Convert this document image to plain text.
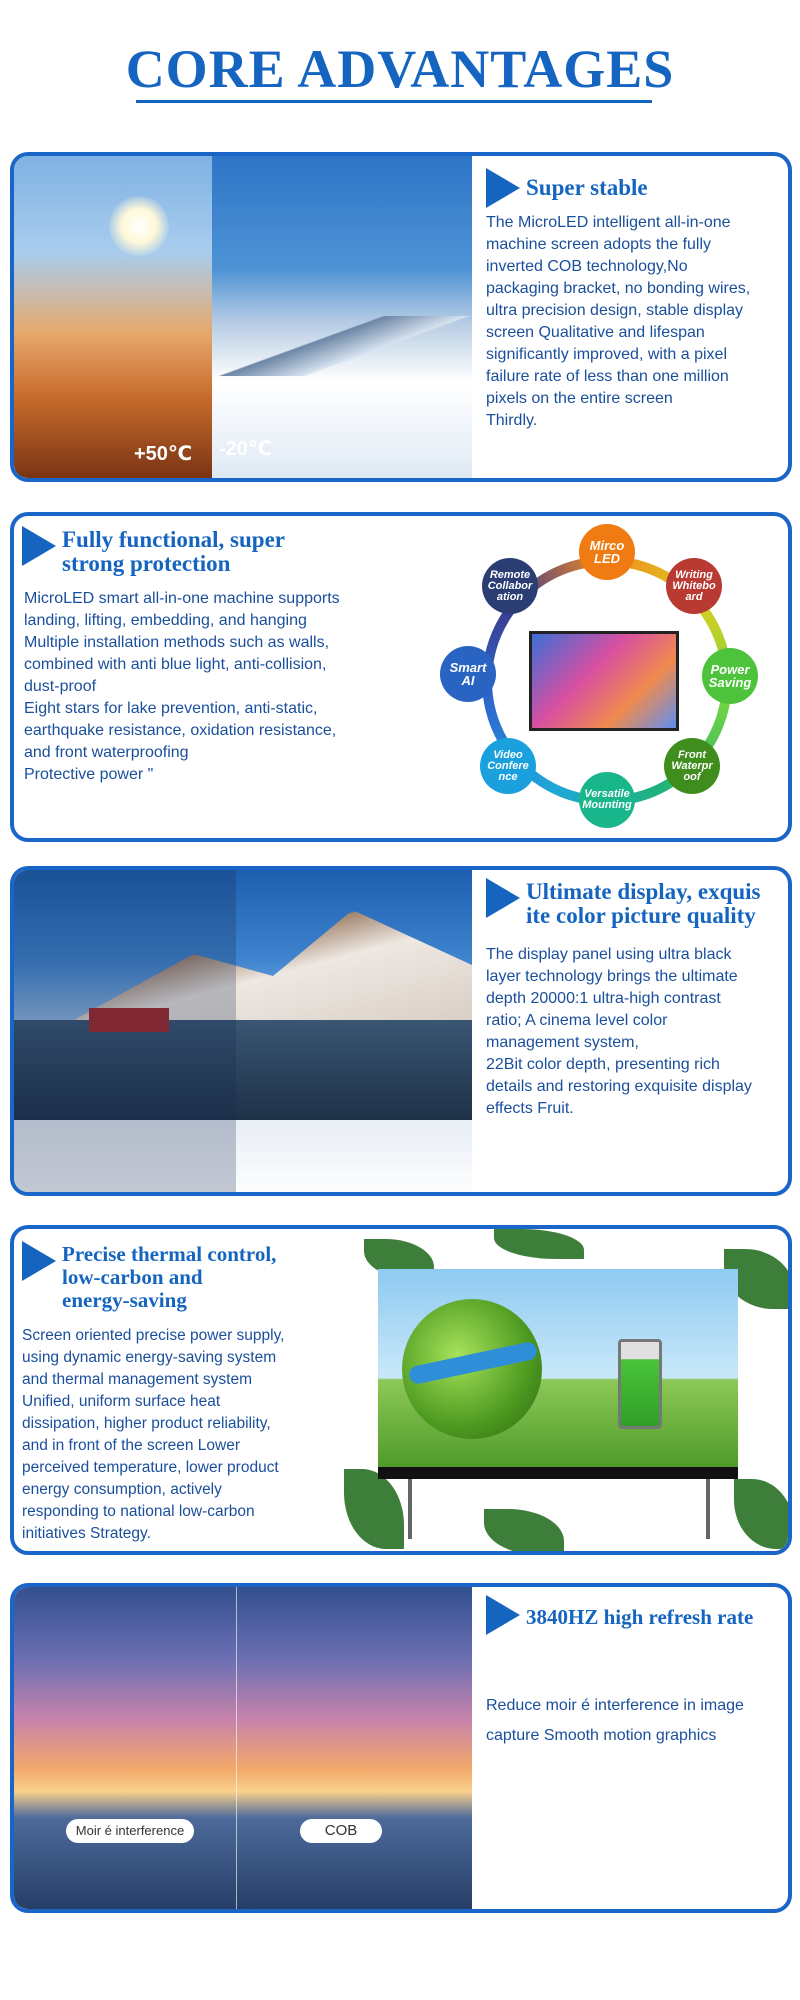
CORE ADVANTAGES
+50℃ -20℃
Super stable
The MicroLED intelligent all-in-one
machine screen adopts the fully
inverted COB technology,No
packaging bracket, no bonding wires,
ultra precision design, stable display
screen Qualitative and lifespan
significantly improved, with a pixel
failure rate of less than one million
pixels on the entire screen
Thirdly.
Fully functional, super
strong protection
MicroLED smart all-in-one machine supports
landing, lifting, embedding, and hanging
Multiple installation methods such as walls,
combined with anti blue light, anti-collision,
dust-proof
Eight stars for lake prevention, anti-static,
earthquake resistance, oxidation resistance,
and front waterproofing
Protective power "
Mirco LED
Writing Whitebo ard
Power Saving
Front Waterpr oof
Versatile Mounting
Video Confere nce
Smart AI
Remote Collabor ation
Ultimate display, exquis
ite color picture quality
The display panel using ultra black
layer technology brings the ultimate
depth 20000:1 ultra-high contrast
ratio; A cinema level color
management system,
22Bit color depth, presenting rich
details and restoring exquisite display
effects Fruit.
Precise thermal control,
low-carbon and
energy-saving
Screen oriented precise power supply,
using dynamic energy-saving system
and thermal management system
Unified, uniform surface heat
dissipation, higher product reliability,
and in front of the screen Lower
perceived temperature, lower product
energy consumption, actively
responding to national low-carbon
initiatives Strategy.
Moir é interference	COB
3840HZ high refresh rate
Reduce moir é interference in image
capture Smooth motion graphics
